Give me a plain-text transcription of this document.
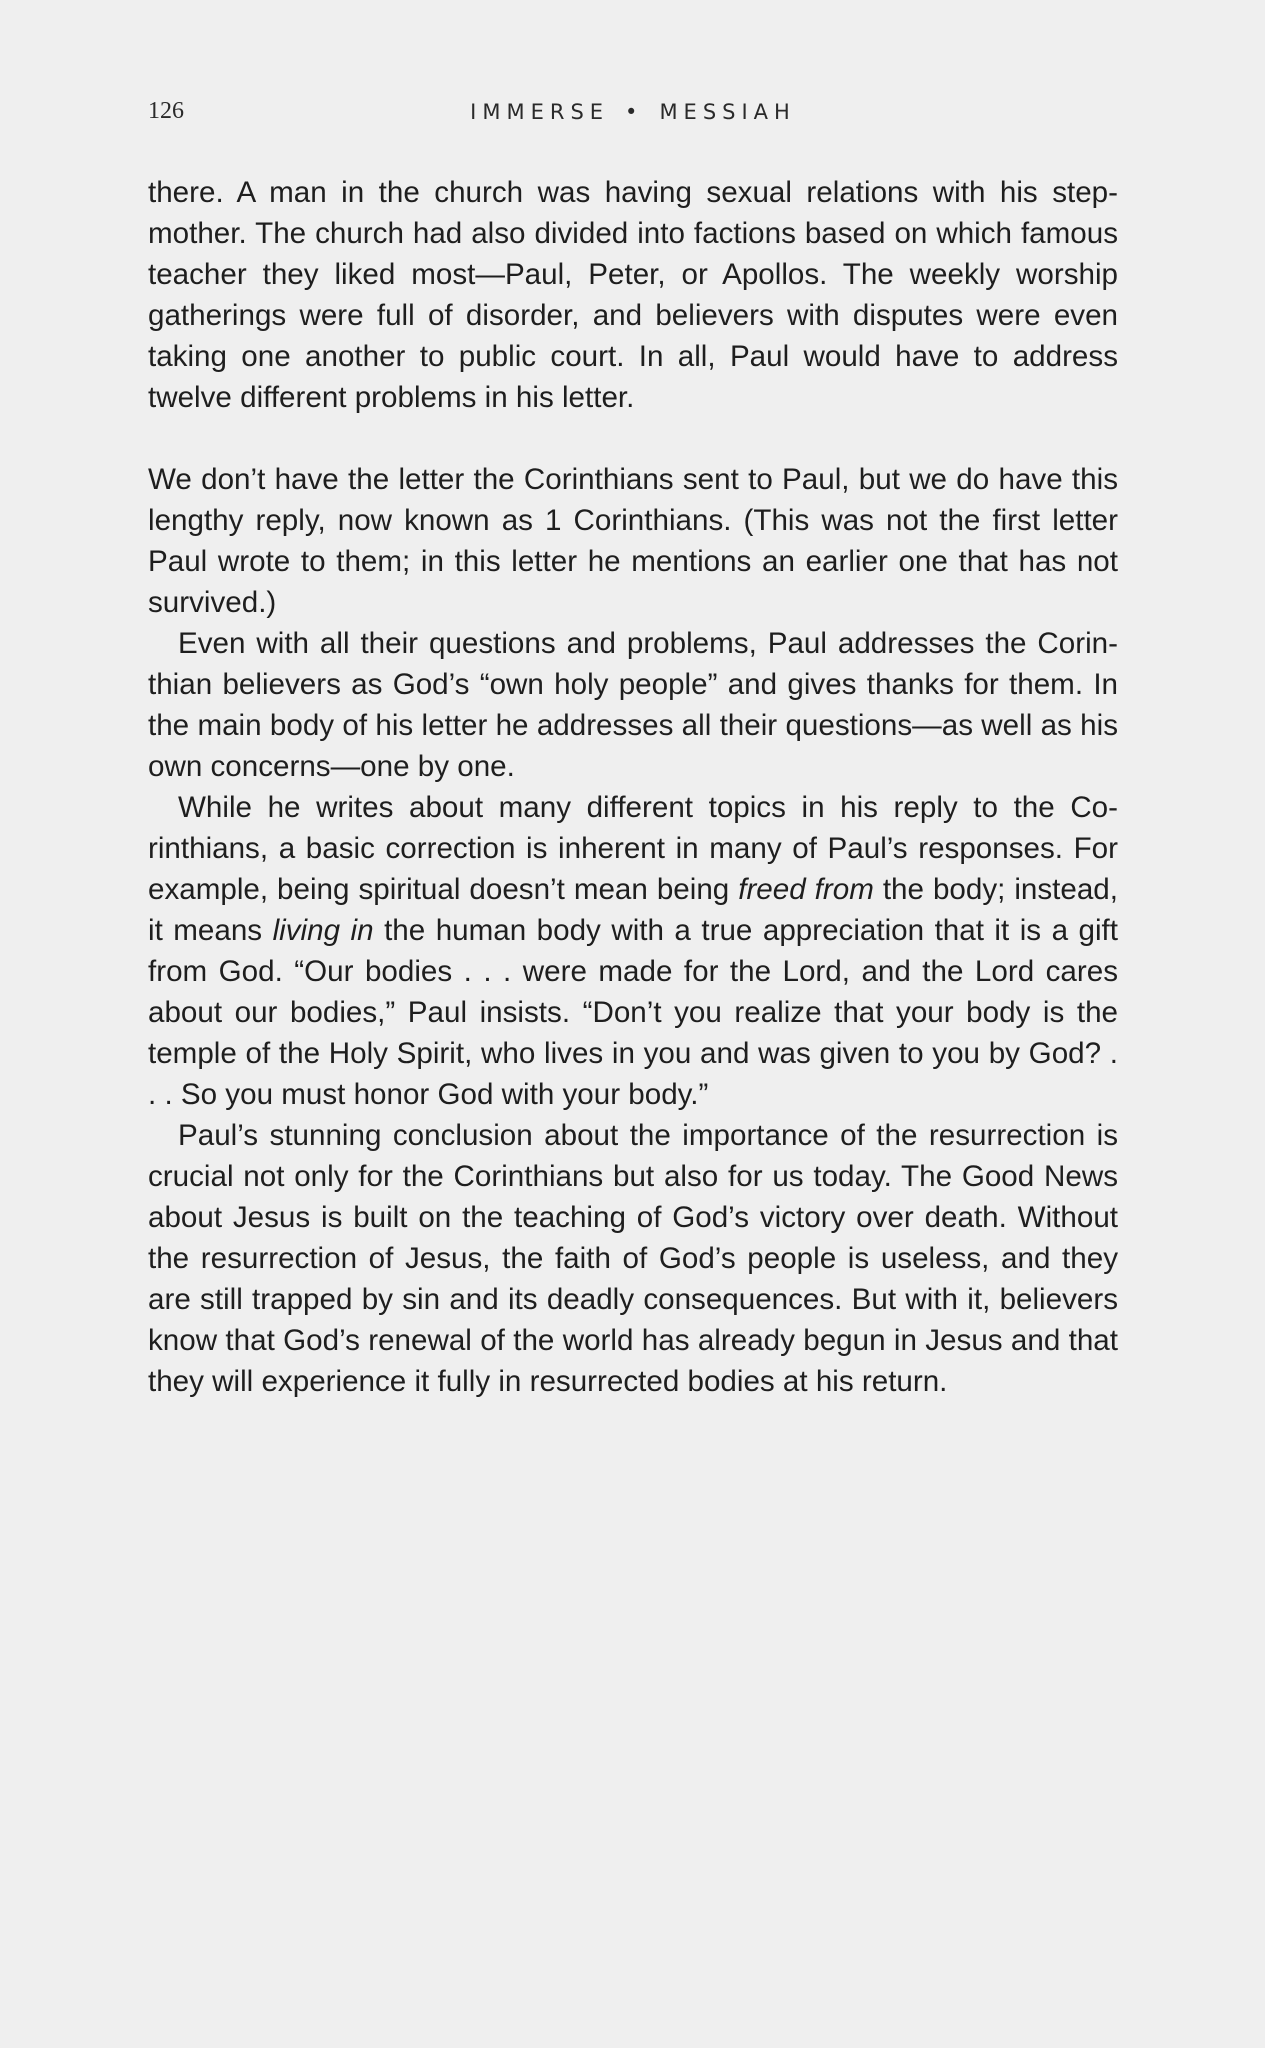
126	IMMERSE • MESSIAH

there. A man in the church was having sexual relations with his step-mother. The church had also divided into factions based on which famous teacher they liked most—Paul, Peter, or Apollos. The weekly worship gatherings were full of disorder, and believers with disputes were even taking one another to public court. In all, Paul would have to address twelve different problems in his letter.

We don’t have the letter the Corinthians sent to Paul, but we do have this lengthy reply, now known as 1 Corinthians. (This was not the first letter Paul wrote to them; in this letter he mentions an earlier one that has not survived.)

Even with all their questions and problems, Paul addresses the Corin-thian believers as God’s “own holy people” and gives thanks for them. In the main body of his letter he addresses all their questions—as well as his own concerns—one by one.

While he writes about many different topics in his reply to the Co-rinthians, a basic correction is inherent in many of Paul’s responses. For example, being spiritual doesn’t mean being freed from the body; instead, it means living in the human body with a true appreciation that it is a gift from God. “Our bodies . . . were made for the Lord, and the Lord cares about our bodies,” Paul insists. “Don’t you realize that your body is the temple of the Holy Spirit, who lives in you and was given to you by God? . . . So you must honor God with your body.”

Paul’s stunning conclusion about the importance of the resurrection is crucial not only for the Corinthians but also for us today. The Good News about Jesus is built on the teaching of God’s victory over death. Without the resurrection of Jesus, the faith of God’s people is useless, and they are still trapped by sin and its deadly consequences. But with it, believers know that God’s renewal of the world has already begun in Jesus and that they will experience it fully in resurrected bodies at his return.
